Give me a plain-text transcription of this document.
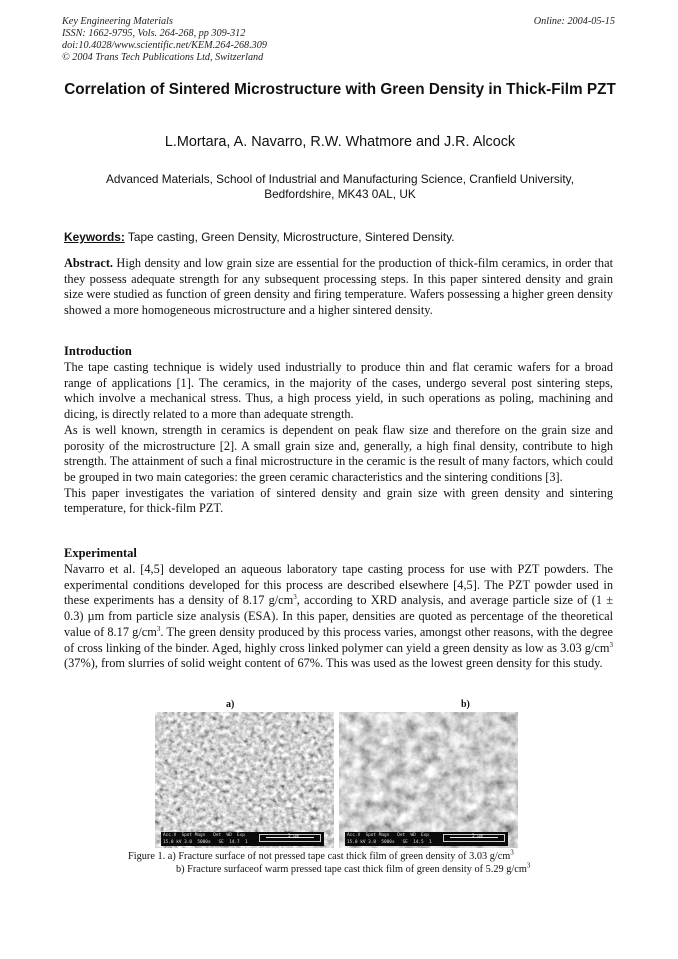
Key Engineering Materials
ISSN: 1662-9795, Vols. 264-268, pp 309-312
doi:10.4028/www.scientific.net/KEM.264-268.309
© 2004 Trans Tech Publications Ltd, Switzerland
Online: 2004-05-15
Correlation of Sintered Microstructure with Green Density in Thick-Film PZT
L.Mortara, A. Navarro, R.W. Whatmore and J.R. Alcock
Advanced Materials, School of Industrial and Manufacturing Science, Cranfield University,
Bedfordshire, MK43 0AL, UK
Keywords: Tape casting, Green Density, Microstructure, Sintered Density.
Abstract. High density and low grain size are essential for the production of thick-film ceramics, in order that they possess adequate strength for any subsequent processing steps. In this paper sintered density and grain size were studied as function of green density and firing temperature. Wafers possessing a higher green density showed a more homogeneous microstructure and a higher sintered density.
Introduction

The tape casting technique is widely used industrially to produce thin and flat ceramic wafers for a broad range of applications [1]. The ceramics, in the majority of the cases, undergo several post sintering steps, which involve a mechanical stress. Thus, a high process yield, in such operations as poling, machining and dicing, is directly related to a more than adequate strength.

As is well known, strength in ceramics is dependent on peak flaw size and therefore on the grain size and porosity of the microstructure [2]. A small grain size and, generally, a high final density, contribute to high strength. The attainment of such a final microstructure in the ceramic is the result of many factors, which could be grouped in two main categories: the green ceramic characteristics and the sintering conditions [3].

This paper investigates the variation of sintered density and grain size with green density and sintering temperature, for thick-film PZT.

Experimental

Navarro et al. [4,5] developed an aqueous laboratory tape casting process for use with PZT powders. The experimental conditions developed for this process are described elsewhere [4,5]. The PZT powder used in these experiments has a density of 8.17 $g/cm^3$, according to XRD analysis, and average particle size of (1 ± 0.3) µm from particle size analysis (ESA). In this paper, densities are quoted as percentage of the theoretical value of 8.17 $g/cm^3$. The green density produced by this process varies, amongst other reasons, with the degree of cross linking of the binder. Aged, highly cross linked polymer can yield a green density as low as 3.03 $g/cm^3$ (37%), from slurries of solid weight content of 67%. This was used as the lowest green density for this study.

a)	b)
Acc.V  Spot Magn   Det  WD  Exp
15.0 kV 3.0  5000x   SE  14.7  1
5 µm	Acc.V  Spot Magn   Det  WD  Exp
15.0 kV 3.0  5000x   SE  14.5  1
5 µm
Figure 1. a) Fracture surface of not pressed tape cast thick film of green density of 3.03 $g/cm^3$
b) Fracture surfaceof warm pressed tape cast thick film of green density of 5.29 $g/cm^3$
